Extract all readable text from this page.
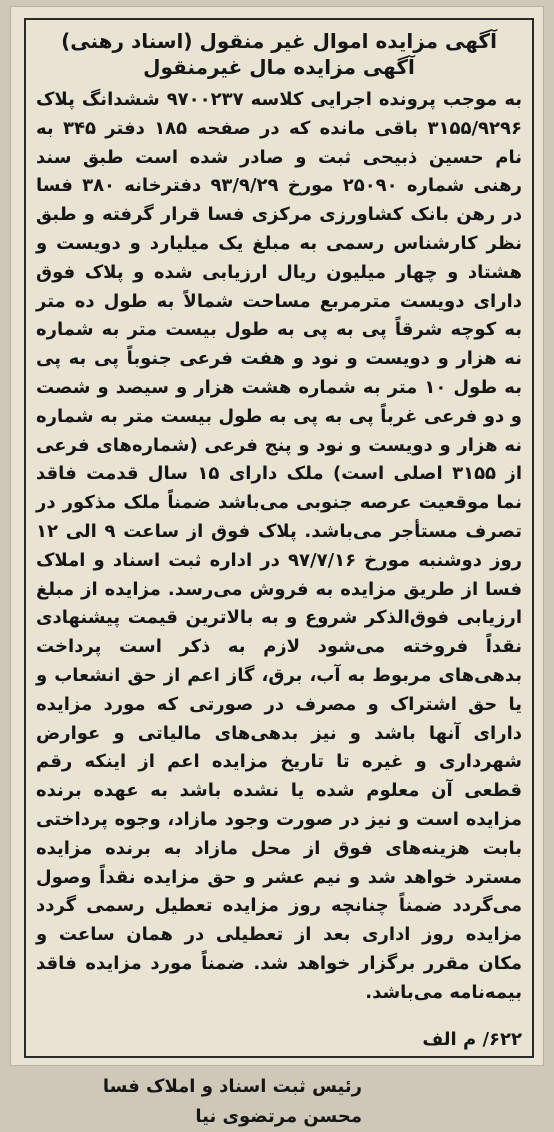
آگهی مزایده اموال غیر منقول (اسناد رهنی)
آگهی مزایده مال غیرمنقول

به موجب پرونده اجرایی کلاسه ۹۷۰۰۲۳۷ ششدانگ پلاک ۳۱۵۵/۹۲۹۶ باقی مانده که در صفحه ۱۸۵ دفتر ۳۴۵ به نام حسین ذبیحی ثبت و صادر شده است طبق سند رهنی شماره ۲۵۰۹۰ مورخ ۹۳/۹/۲۹ دفترخانه ۳۸۰ فسا در رهن بانک کشاورزی مرکزی فسا قرار گرفته و طبق نظر کارشناس رسمی به مبلغ یک میلیارد و دویست و هشتاد و چهار میلیون ریال ارزیابی شده و پلاک فوق دارای دویست مترمربع مساحت شمالاً به طول ده متر به کوچه شرقاً پی به پی به طول بیست متر به شماره نه هزار و دویست و نود و هفت فرعی جنوباً پی به پی به طول ۱۰ متر به شماره هشت هزار و سیصد و شصت و دو فرعی غرباً پی به پی به طول بیست متر به شماره نه هزار و دویست و نود و پنج فرعی (شماره‌های فرعی از ۳۱۵۵ اصلی است) ملک دارای ۱۵ سال قدمت فاقد نما موقعیت عرصه جنوبی می‌باشد ضمناً ملک مذکور در تصرف مستأجر می‌باشد. پلاک فوق از ساعت ۹ الی ۱۲ روز دوشنبه مورخ ۹۷/۷/۱۶ در اداره ثبت اسناد و املاک فسا از طریق مزایده به فروش می‌رسد. مزایده از مبلغ ارزیابی فوق‌الذکر شروع و به بالاترین قیمت پیشنهادی نقداً فروخته می‌شود لازم به ذکر است پرداخت بدهی‌های مربوط به آب، برق، گاز اعم از حق انشعاب و یا حق اشتراک و مصرف در صورتی که مورد مزایده دارای آنها باشد و نیز بدهی‌های مالیاتی و عوارض شهرداری و غیره تا تاریخ مزایده اعم از اینکه رقم قطعی آن معلوم شده یا نشده باشد به عهده برنده مزایده است و نیز در صورت وجود مازاد، وجوه پرداختی بابت هزینه‌های فوق از محل مازاد به برنده مزایده مسترد خواهد شد و نیم عشر و حق مزایده نقداً وصول می‌گردد ضمناً چنانچه روز مزایده تعطیل رسمی گردد مزایده روز اداری بعد از تعطیلی در همان ساعت و مکان مقرر برگزار خواهد شد. ضمناً مورد مزایده فاقد بیمه‌نامه می‌باشد.

۶۲۲/ م الف
رئیس ثبت اسناد و املاک فسا
محسن مرتضوی نیا
